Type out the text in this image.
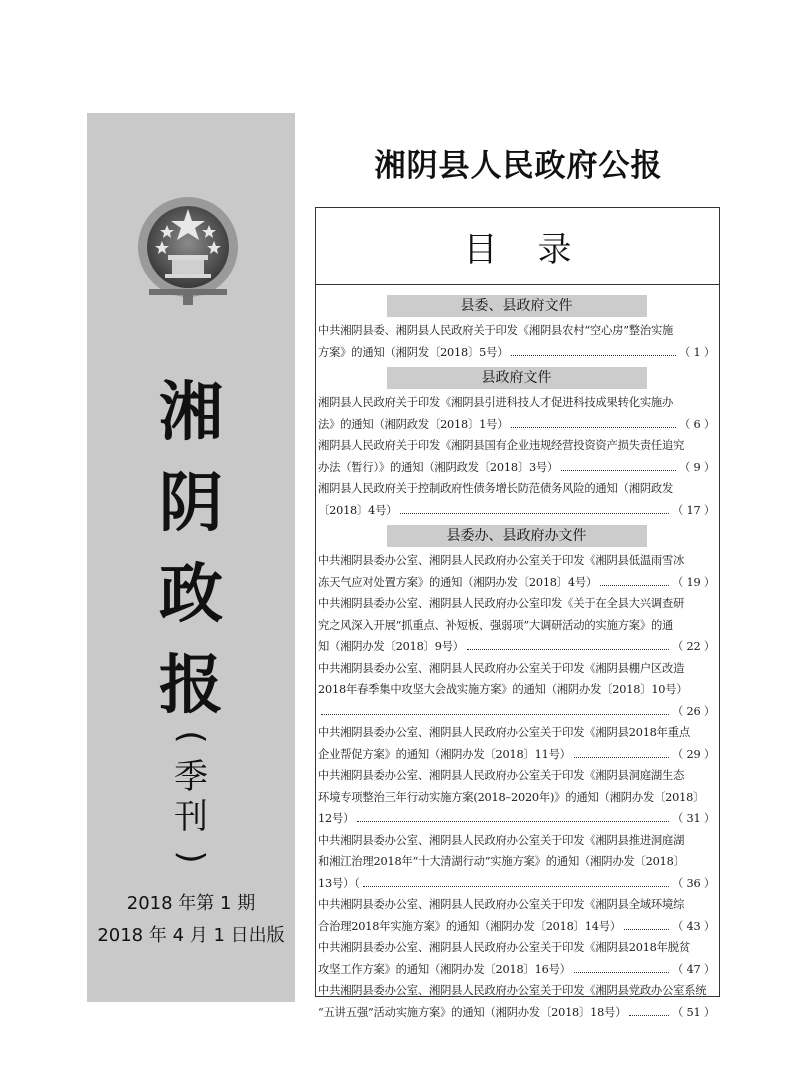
湘
阴
政
报
(
季
刊
)
2018 年第 1 期
2018 年 4 月 1 日出版
湘阴县人民政府公报
目录
县委、县政府文件
中共湘阴县委、湘阴县人民政府关于印发《湘阴县农村“空心房”整治实施
方案》的通知（湘阴发〔2018〕5号）	（ 1 ）
县政府文件
湘阴县人民政府关于印发《湘阴县引进科技人才促进科技成果转化实施办
法》的通知（湘阴政发〔2018〕1号）	（ 6 ）
湘阴县人民政府关于印发《湘阴县国有企业违规经营投资资产损失责任追究
办法（暂行）》的通知（湘阴政发〔2018〕3号）	（ 9 ）
湘阴县人民政府关于控制政府性债务增长防范债务风险的通知（湘阴政发
〔2018〕4号）	（ 17 ）
县委办、县政府办文件
中共湘阴县委办公室、湘阴县人民政府办公室关于印发《湘阴县低温雨雪冰
冻天气应对处置方案》的通知（湘阴办发〔2018〕4号）	（ 19 ）
中共湘阴县委办公室、湘阴县人民政府办公室印发《关于在全县大兴调查研
究之风深入开展“抓重点、补短板、强弱项”大调研活动的实施方案》的通
知（湘阴办发〔2018〕9号）	（ 22 ）
中共湘阴县委办公室、湘阴县人民政府办公室关于印发《湘阴县棚户区改造
2018年春季集中攻坚大会战实施方案》的通知（湘阴办发〔2018〕10号）
（ 26 ）
中共湘阴县委办公室、湘阴县人民政府办公室关于印发《湘阴县2018年重点
企业帮促方案》的通知（湘阴办发〔2018〕11号）	（ 29 ）
中共湘阴县委办公室、湘阴县人民政府办公室关于印发《湘阴县洞庭湖生态
环境专项整治三年行动实施方案(2018–2020年)》的通知（湘阴办发〔2018〕
12号）	（ 31 ）
中共湘阴县委办公室、湘阴县人民政府办公室关于印发《湘阴县推进洞庭湖
和湘江治理2018年“十大清湖行动”实施方案》的通知（湘阴办发〔2018〕
13号）（	（ 36 ）
中共湘阴县委办公室、湘阴县人民政府办公室关于印发《湘阴县全域环境综
合治理2018年实施方案》的通知（湘阴办发〔2018〕14号）	（ 43 ）
中共湘阴县委办公室、湘阴县人民政府办公室关于印发《湘阴县2018年脱贫
攻坚工作方案》的通知（湘阴办发〔2018〕16号）	（ 47 ）
中共湘阴县委办公室、湘阴县人民政府办公室关于印发《湘阴县党政办公室系统
“五讲五强”活动实施方案》的通知（湘阴办发〔2018〕18号）	（ 51 ）
